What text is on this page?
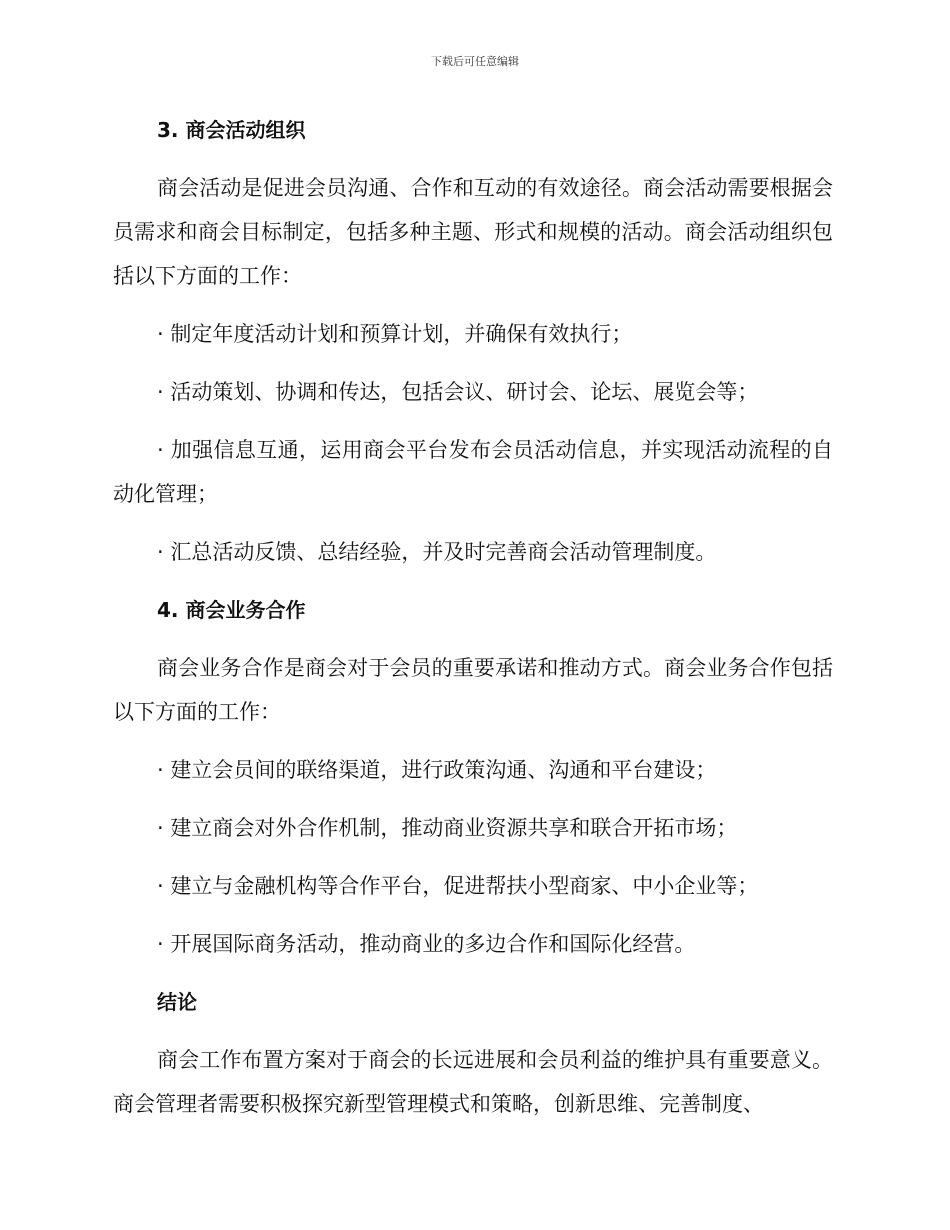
下载后可任意编辑
3. 商会活动组织
商会活动是促进会员沟通、合作和互动的有效途径。商会活动需要根据会员需求和商会目标制定，包括多种主题、形式和规模的活动。商会活动组织包括以下方面的工作：
· 制定年度活动计划和预算计划，并确保有效执行；
· 活动策划、协调和传达，包括会议、研讨会、论坛、展览会等；
· 加强信息互通，运用商会平台发布会员活动信息，并实现活动流程的自动化管理；
· 汇总活动反馈、总结经验，并及时完善商会活动管理制度。
4. 商会业务合作
商会业务合作是商会对于会员的重要承诺和推动方式。商会业务合作包括以下方面的工作：
· 建立会员间的联络渠道，进行政策沟通、沟通和平台建设；
· 建立商会对外合作机制，推动商业资源共享和联合开拓市场；
· 建立与金融机构等合作平台，促进帮扶小型商家、中小企业等；
· 开展国际商务活动，推动商业的多边合作和国际化经营。
结论
商会工作布置方案对于商会的长远进展和会员利益的维护具有重要意义。商会管理者需要积极探究新型管理模式和策略，创新思维、完善制度、
